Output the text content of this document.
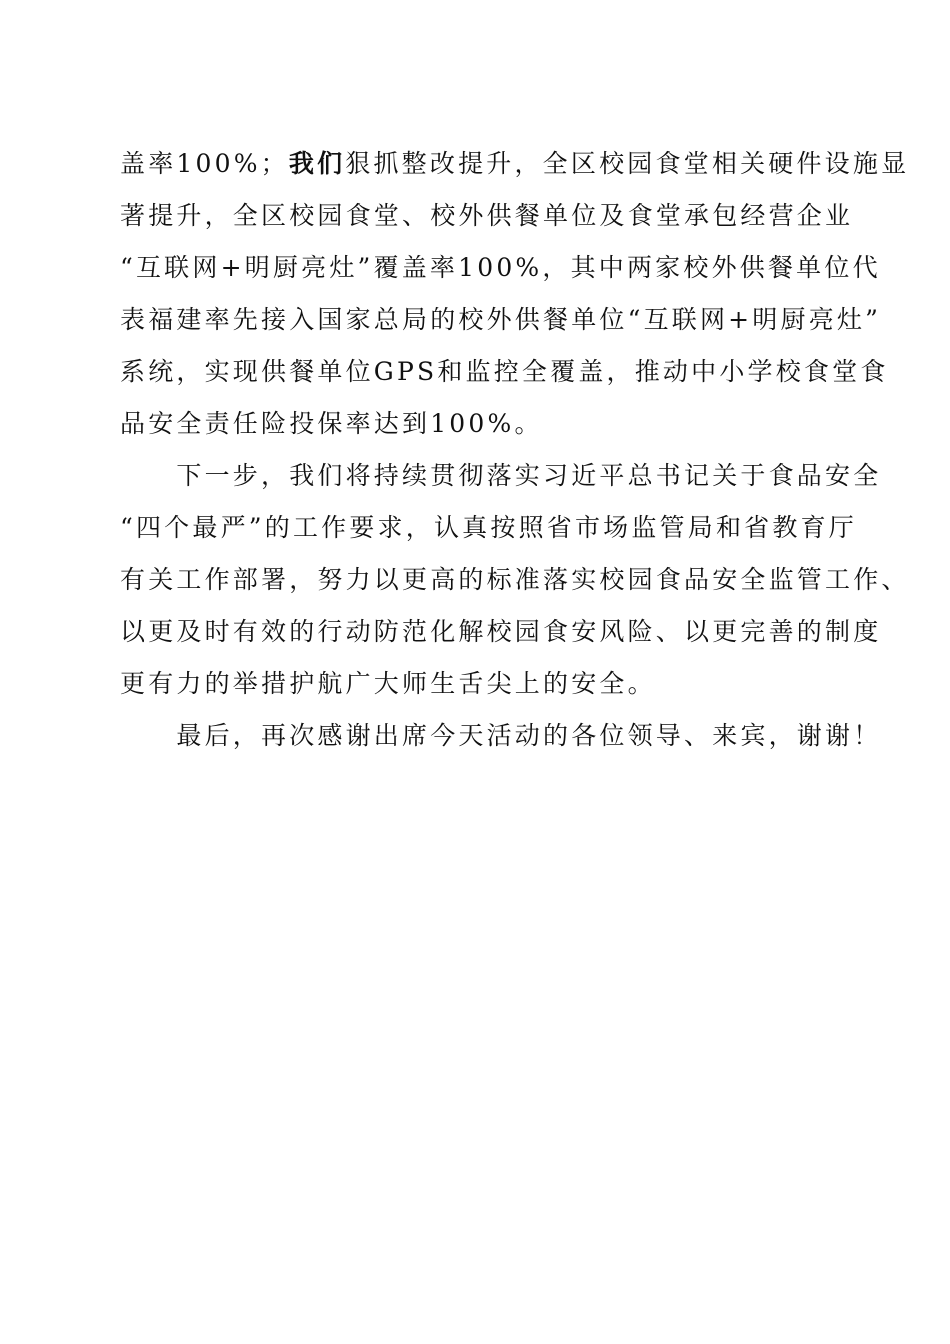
盖率100%；我们狠抓整改提升，全区校园食堂相关硬件设施显
著提升，全区校园食堂、校外供餐单位及食堂承包经营企业
“互联网+明厨亮灶”覆盖率100%，其中两家校外供餐单位代
表福建率先接入国家总局的校外供餐单位“互联网+明厨亮灶”
系统，实现供餐单位GPS和监控全覆盖，推动中小学校食堂食
品安全责任险投保率达到100%。
　　下一步，我们将持续贯彻落实习近平总书记关于食品安全
“四个最严”的工作要求，认真按照省市场监管局和省教育厅
有关工作部署，努力以更高的标准落实校园食品安全监管工作、
以更及时有效的行动防范化解校园食安风险、以更完善的制度
更有力的举措护航广大师生舌尖上的安全。
　　最后，再次感谢出席今天活动的各位领导、来宾，谢谢！
